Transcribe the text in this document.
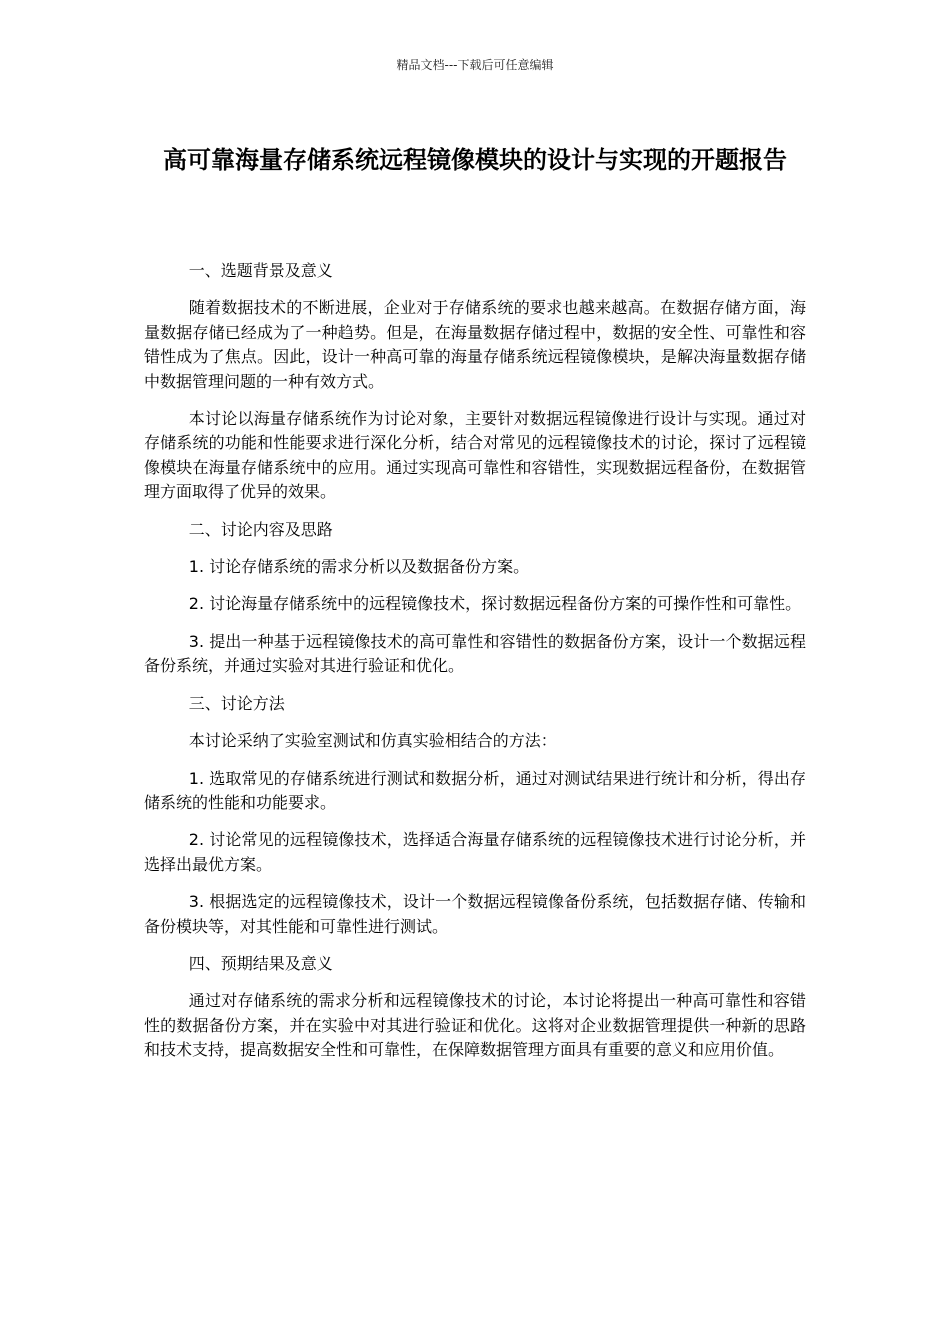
精品文档---下载后可任意编辑
高可靠海量存储系统远程镜像模块的设计与实现的开题报告

一、选题背景及意义

随着数据技术的不断进展，企业对于存储系统的要求也越来越高。在数据存储方面，海量数据存储已经成为了一种趋势。但是，在海量数据存储过程中，数据的安全性、可靠性和容错性成为了焦点。因此，设计一种高可靠的海量存储系统远程镜像模块，是解决海量数据存储中数据管理问题的一种有效方式。

本讨论以海量存储系统作为讨论对象，主要针对数据远程镜像进行设计与实现。通过对存储系统的功能和性能要求进行深化分析，结合对常见的远程镜像技术的讨论，探讨了远程镜像模块在海量存储系统中的应用。通过实现高可靠性和容错性，实现数据远程备份，在数据管理方面取得了优异的效果。

二、讨论内容及思路

1. 讨论存储系统的需求分析以及数据备份方案。

2. 讨论海量存储系统中的远程镜像技术，探讨数据远程备份方案的可操作性和可靠性。

3. 提出一种基于远程镜像技术的高可靠性和容错性的数据备份方案，设计一个数据远程备份系统，并通过实验对其进行验证和优化。

三、讨论方法

本讨论采纳了实验室测试和仿真实验相结合的方法：

1. 选取常见的存储系统进行测试和数据分析，通过对测试结果进行统计和分析，得出存储系统的性能和功能要求。

2. 讨论常见的远程镜像技术，选择适合海量存储系统的远程镜像技术进行讨论分析，并选择出最优方案。

3. 根据选定的远程镜像技术，设计一个数据远程镜像备份系统，包括数据存储、传输和备份模块等，对其性能和可靠性进行测试。

四、预期结果及意义

通过对存储系统的需求分析和远程镜像技术的讨论，本讨论将提出一种高可靠性和容错性的数据备份方案，并在实验中对其进行验证和优化。这将对企业数据管理提供一种新的思路和技术支持，提高数据安全性和可靠性，在保障数据管理方面具有重要的意义和应用价值。
